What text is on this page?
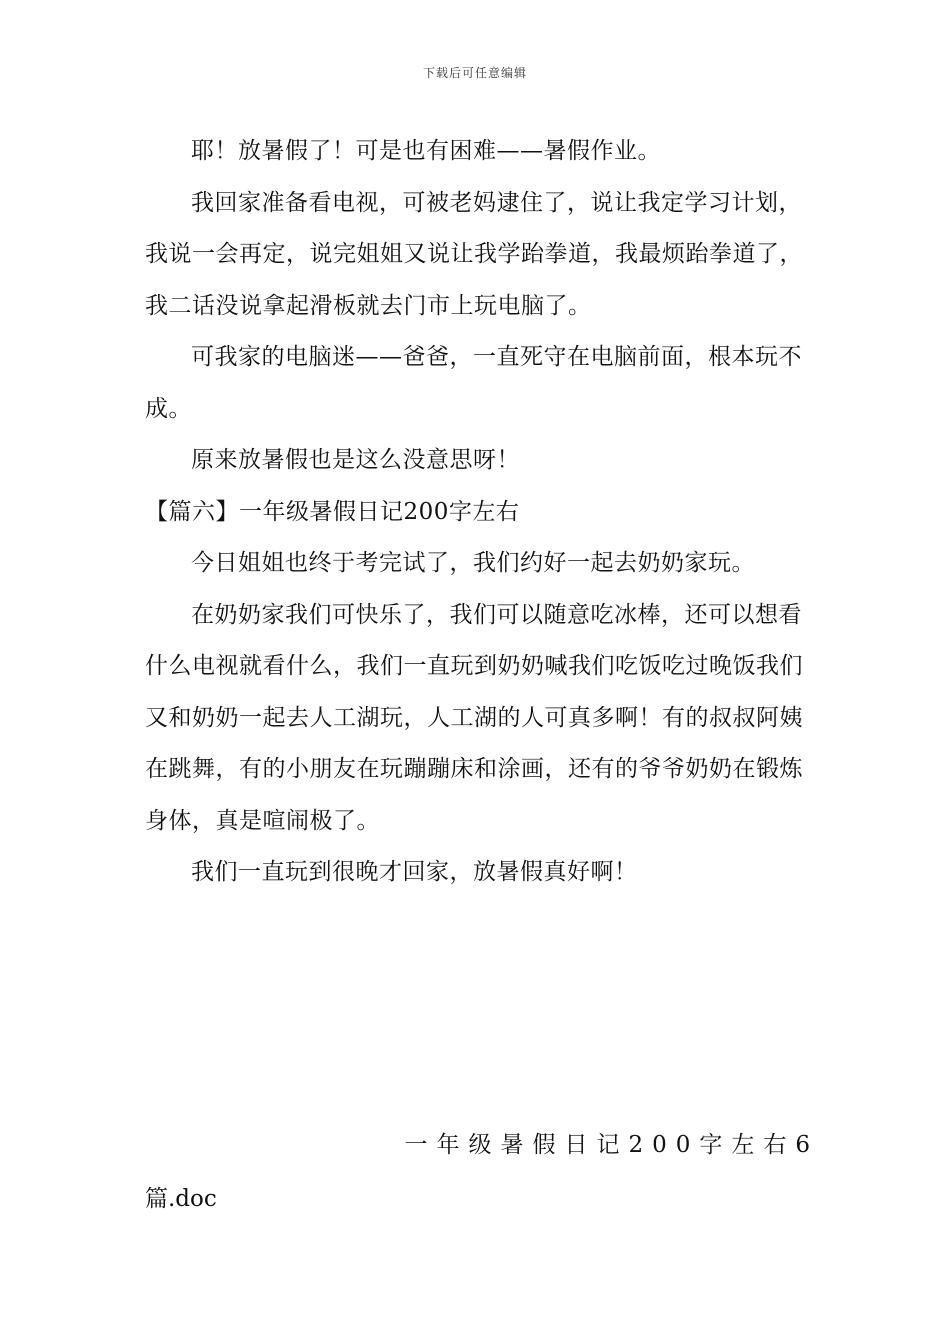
下载后可任意编辑

耶！放暑假了！可是也有困难——暑假作业。

我回家准备看电视，可被老妈逮住了，说让我定学习计划，我说一会再定，说完姐姐又说让我学跆拳道，我最烦跆拳道了，我二话没说拿起滑板就去门市上玩电脑了。

可我家的电脑迷——爸爸，一直死守在电脑前面，根本玩不成。

原来放暑假也是这么没意思呀！

【篇六】一年级暑假日记200字左右

今日姐姐也终于考完试了，我们约好一起去奶奶家玩。

在奶奶家我们可快乐了，我们可以随意吃冰棒，还可以想看什么电视就看什么，我们一直玩到奶奶喊我们吃饭吃过晚饭我们又和奶奶一起去人工湖玩，人工湖的人可真多啊！有的叔叔阿姨在跳舞，有的小朋友在玩蹦蹦床和涂画，还有的爷爷奶奶在锻炼身体，真是喧闹极了。

我们一直玩到很晚才回家，放暑假真好啊！

一年级暑假日记200字左右6
篇.doc
